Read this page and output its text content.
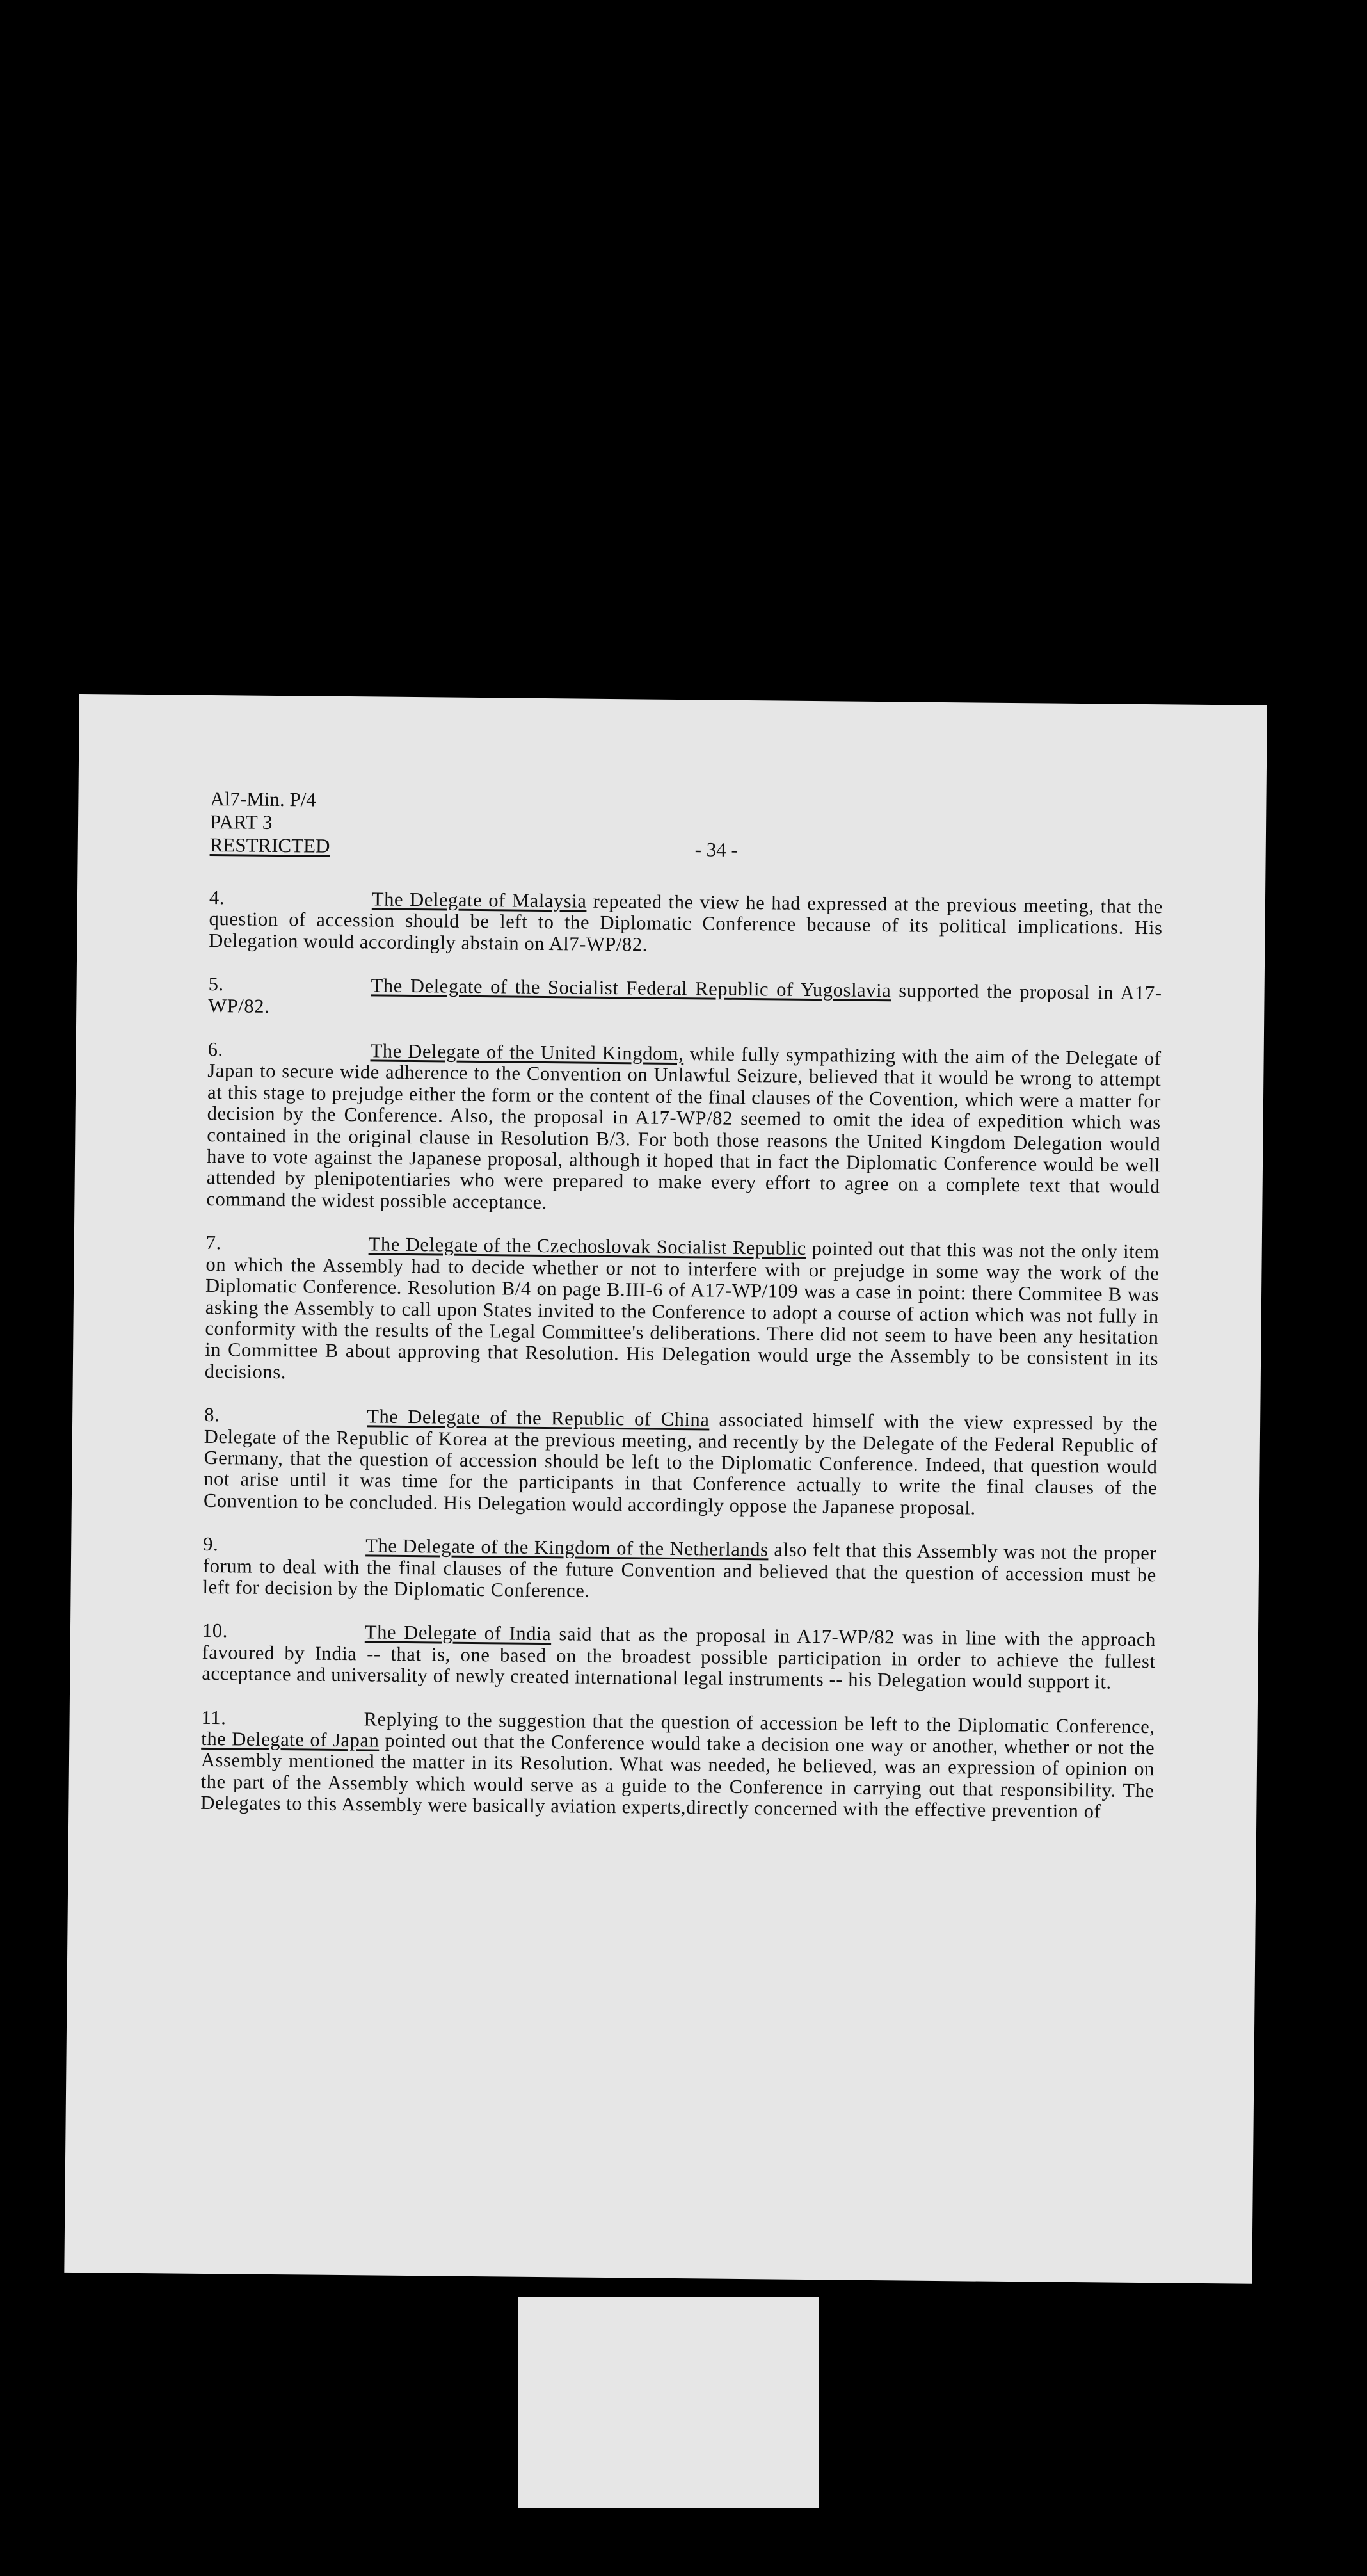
Al7-Min. P/4
PART 3
RESTRICTED	- 34 -

4.	The Delegate of Malaysia repeated the view he had expressed at the previous meeting, that the question of accession should be left to the Diplomatic Conference because of its political implications. His Delegation would accordingly abstain on Al7-WP/82.

5.	The Delegate of the Socialist Federal Republic of Yugoslavia supported the proposal in A17-WP/82.

6.	The Delegate of the United Kingdom, while fully sympathizing with the aim of the Delegate of Japan to secure wide adherence to the Convention on Unlawful Seizure, believed that it would be wrong to attempt at this stage to prejudge either the form or the content of the final clauses of the Covention, which were a matter for decision by the Conference. Also, the proposal in A17-WP/82 seemed to omit the idea of expedition which was contained in the original clause in Resolution B/3. For both those reasons the United Kingdom Delegation would have to vote against the Japanese proposal, although it hoped that in fact the Diplomatic Conference would be well attended by plenipotentiaries who were prepared to make every effort to agree on a complete text that would command the widest possible acceptance.

7.	The Delegate of the Czechoslovak Socialist Republic pointed out that this was not the only item on which the Assembly had to decide whether or not to interfere with or prejudge in some way the work of the Diplomatic Conference. Resolution B/4 on page B.III-6 of A17-WP/109 was a case in point: there Commitee B was asking the Assembly to call upon States invited to the Conference to adopt a course of action which was not fully in conformity with the results of the Legal Committee's deliberations. There did not seem to have been any hesitation in Committee B about approving that Resolution. His Delegation would urge the Assembly to be consistent in its decisions.

8.	The Delegate of the Republic of China associated himself with the view expressed by the Delegate of the Republic of Korea at the previous meeting, and recently by the Delegate of the Federal Republic of Germany, that the question of accession should be left to the Diplomatic Conference. Indeed, that question would not arise until it was time for the participants in that Conference actually to write the final clauses of the Convention to be concluded. His Delegation would accordingly oppose the Japanese proposal.

9.	The Delegate of the Kingdom of the Netherlands also felt that this Assembly was not the proper forum to deal with the final clauses of the future Convention and believed that the question of accession must be left for decision by the Diplomatic Conference.

10.	The Delegate of India said that as the proposal in A17-WP/82 was in line with the approach favoured by India -- that is, one based on the broadest possible participation in order to achieve the fullest acceptance and universality of newly created international legal instruments -- his Delegation would support it.

11.	Replying to the suggestion that the question of accession be left to the Diplomatic Conference, the Delegate of Japan pointed out that the Conference would take a decision one way or another, whether or not the Assembly mentioned the matter in its Resolution. What was needed, he believed, was an expression of opinion on the part of the Assembly which would serve as a guide to the Conference in carrying out that responsibility. The Delegates to this Assembly were basically aviation experts,directly concerned with the effective prevention of
